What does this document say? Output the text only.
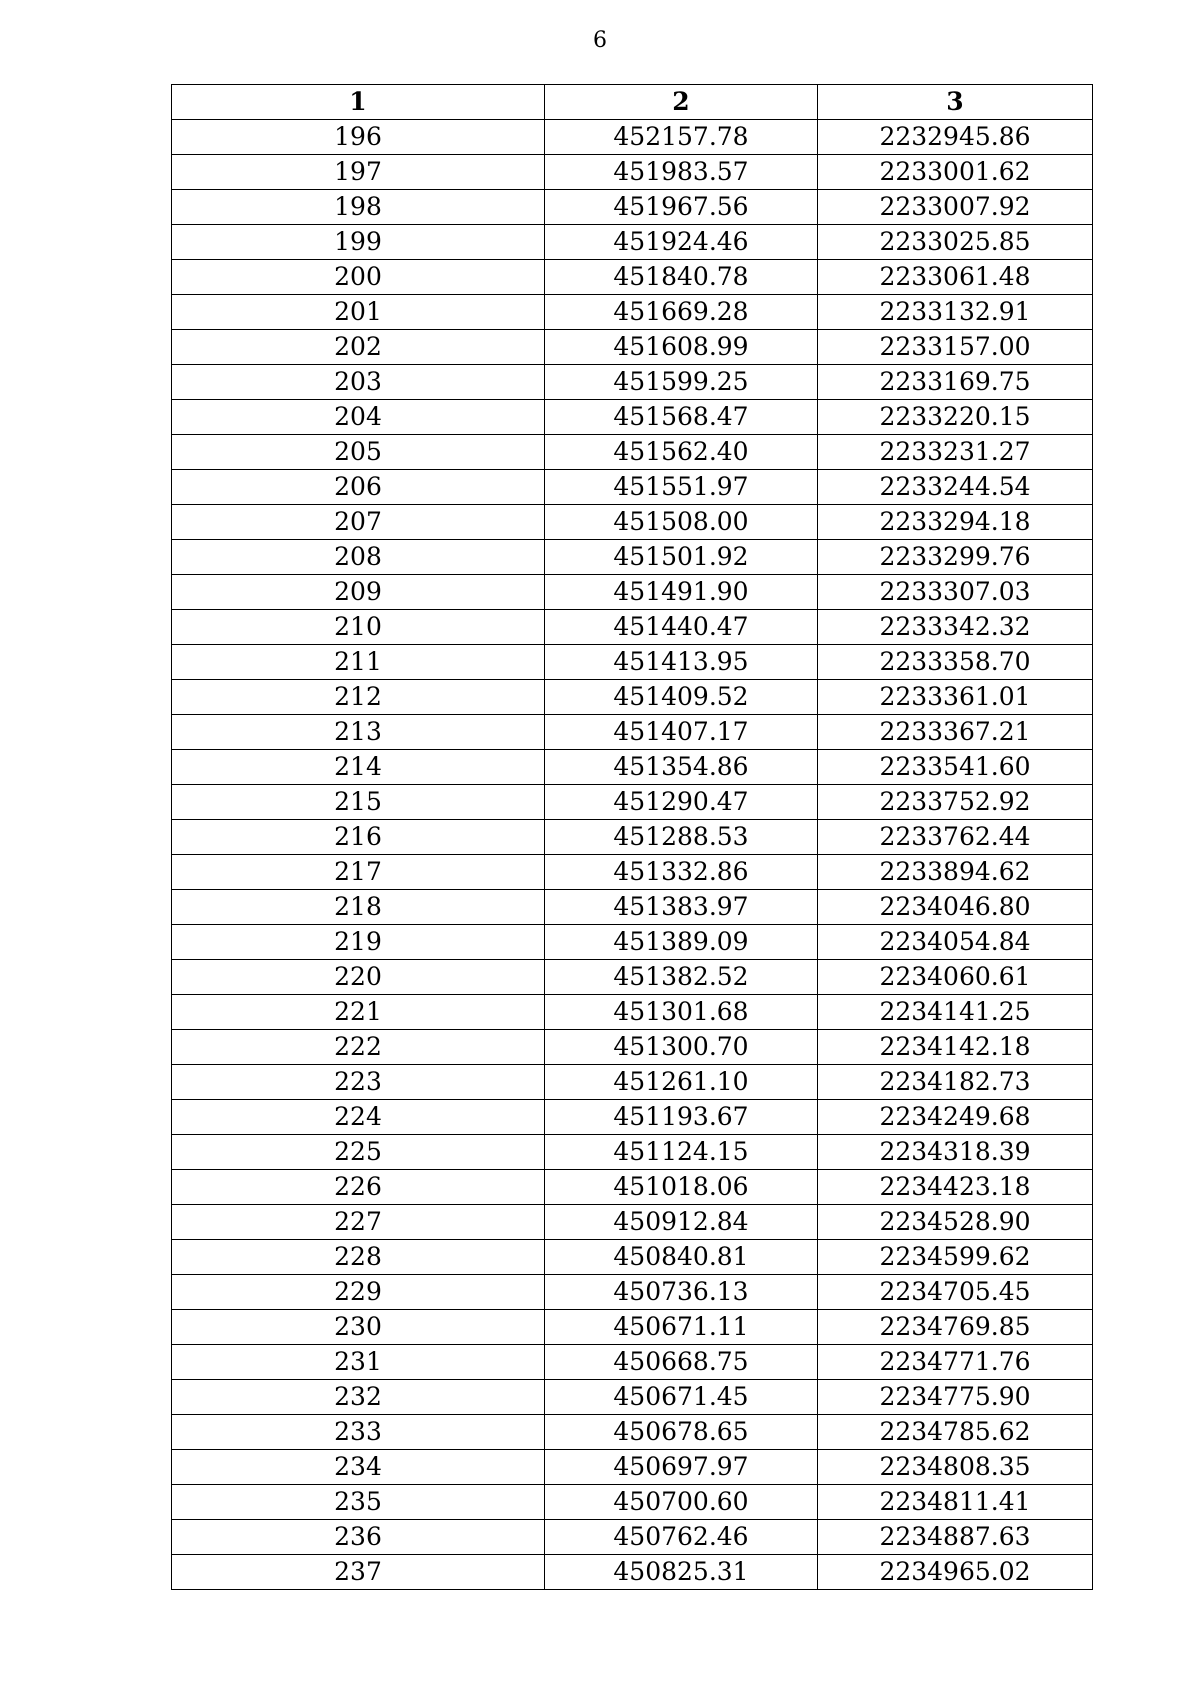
6
1	2	3
196	452157.78	2232945.86
197	451983.57	2233001.62
198	451967.56	2233007.92
199	451924.46	2233025.85
200	451840.78	2233061.48
201	451669.28	2233132.91
202	451608.99	2233157.00
203	451599.25	2233169.75
204	451568.47	2233220.15
205	451562.40	2233231.27
206	451551.97	2233244.54
207	451508.00	2233294.18
208	451501.92	2233299.76
209	451491.90	2233307.03
210	451440.47	2233342.32
211	451413.95	2233358.70
212	451409.52	2233361.01
213	451407.17	2233367.21
214	451354.86	2233541.60
215	451290.47	2233752.92
216	451288.53	2233762.44
217	451332.86	2233894.62
218	451383.97	2234046.80
219	451389.09	2234054.84
220	451382.52	2234060.61
221	451301.68	2234141.25
222	451300.70	2234142.18
223	451261.10	2234182.73
224	451193.67	2234249.68
225	451124.15	2234318.39
226	451018.06	2234423.18
227	450912.84	2234528.90
228	450840.81	2234599.62
229	450736.13	2234705.45
230	450671.11	2234769.85
231	450668.75	2234771.76
232	450671.45	2234775.90
233	450678.65	2234785.62
234	450697.97	2234808.35
235	450700.60	2234811.41
236	450762.46	2234887.63
237	450825.31	2234965.02
